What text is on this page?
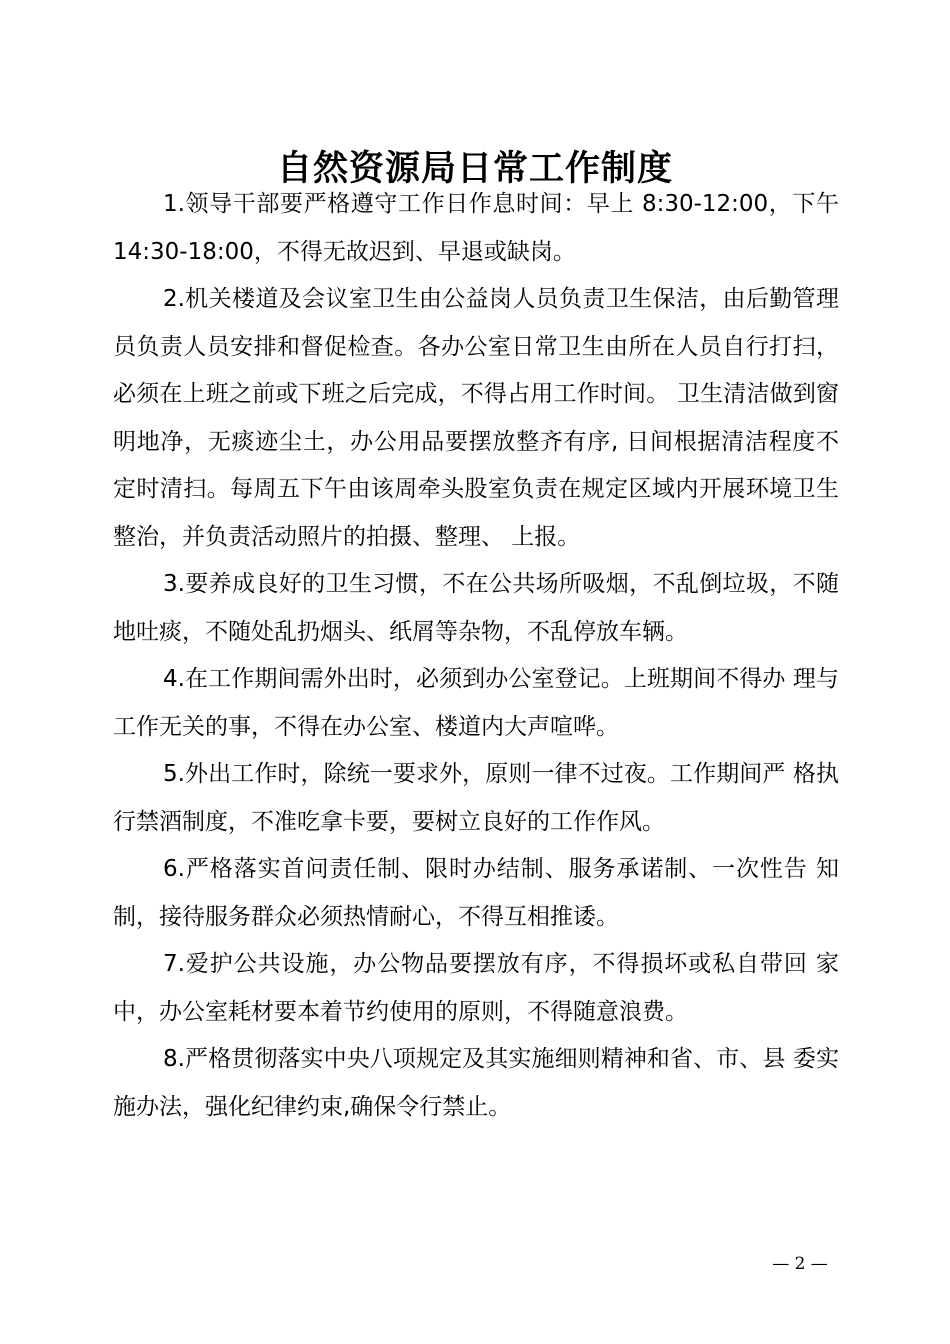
自然资源局日常工作制度

1.领导干部要严格遵守工作日作息时间：早上 8:30-12:00，下午 14:30-18:00，不得无故迟到、早退或缺岗。

2.机关楼道及会议室卫生由公益岗人员负责卫生保洁，由后勤管理员负责人员安排和督促检查。各办公室日常卫生由所在人员自行打扫，必须在上班之前或下班之后完成，不得占用工作时间。 卫生清洁做到窗明地净，无痰迹尘土，办公用品要摆放整齐有序, 日间根据清洁程度不定时清扫。每周五下午由该周牵头股室负责在规定区域内开展环境卫生整治，并负责活动照片的拍摄、整理、 上报。

3.要养成良好的卫生习惯，不在公共场所吸烟，不乱倒垃圾，不随地吐痰，不随处乱扔烟头、纸屑等杂物，不乱停放车辆。

4.在工作期间需外出时，必须到办公室登记。上班期间不得办 理与工作无关的事，不得在办公室、楼道内大声喧哗。

5.外出工作时，除统一要求外，原则一律不过夜。工作期间严 格执行禁酒制度，不准吃拿卡要，要树立良好的工作作风。

6.严格落实首问责任制、限时办结制、服务承诺制、一次性告 知制，接待服务群众必须热情耐心，不得互相推诿。

7.爱护公共设施，办公物品要摆放有序，不得损坏或私自带回 家中，办公室耗材要本着节约使用的原则，不得随意浪费。

8.严格贯彻落实中央八项规定及其实施细则精神和省、市、县 委实施办法，强化纪律约束,确保令行禁止。

— 2 —
